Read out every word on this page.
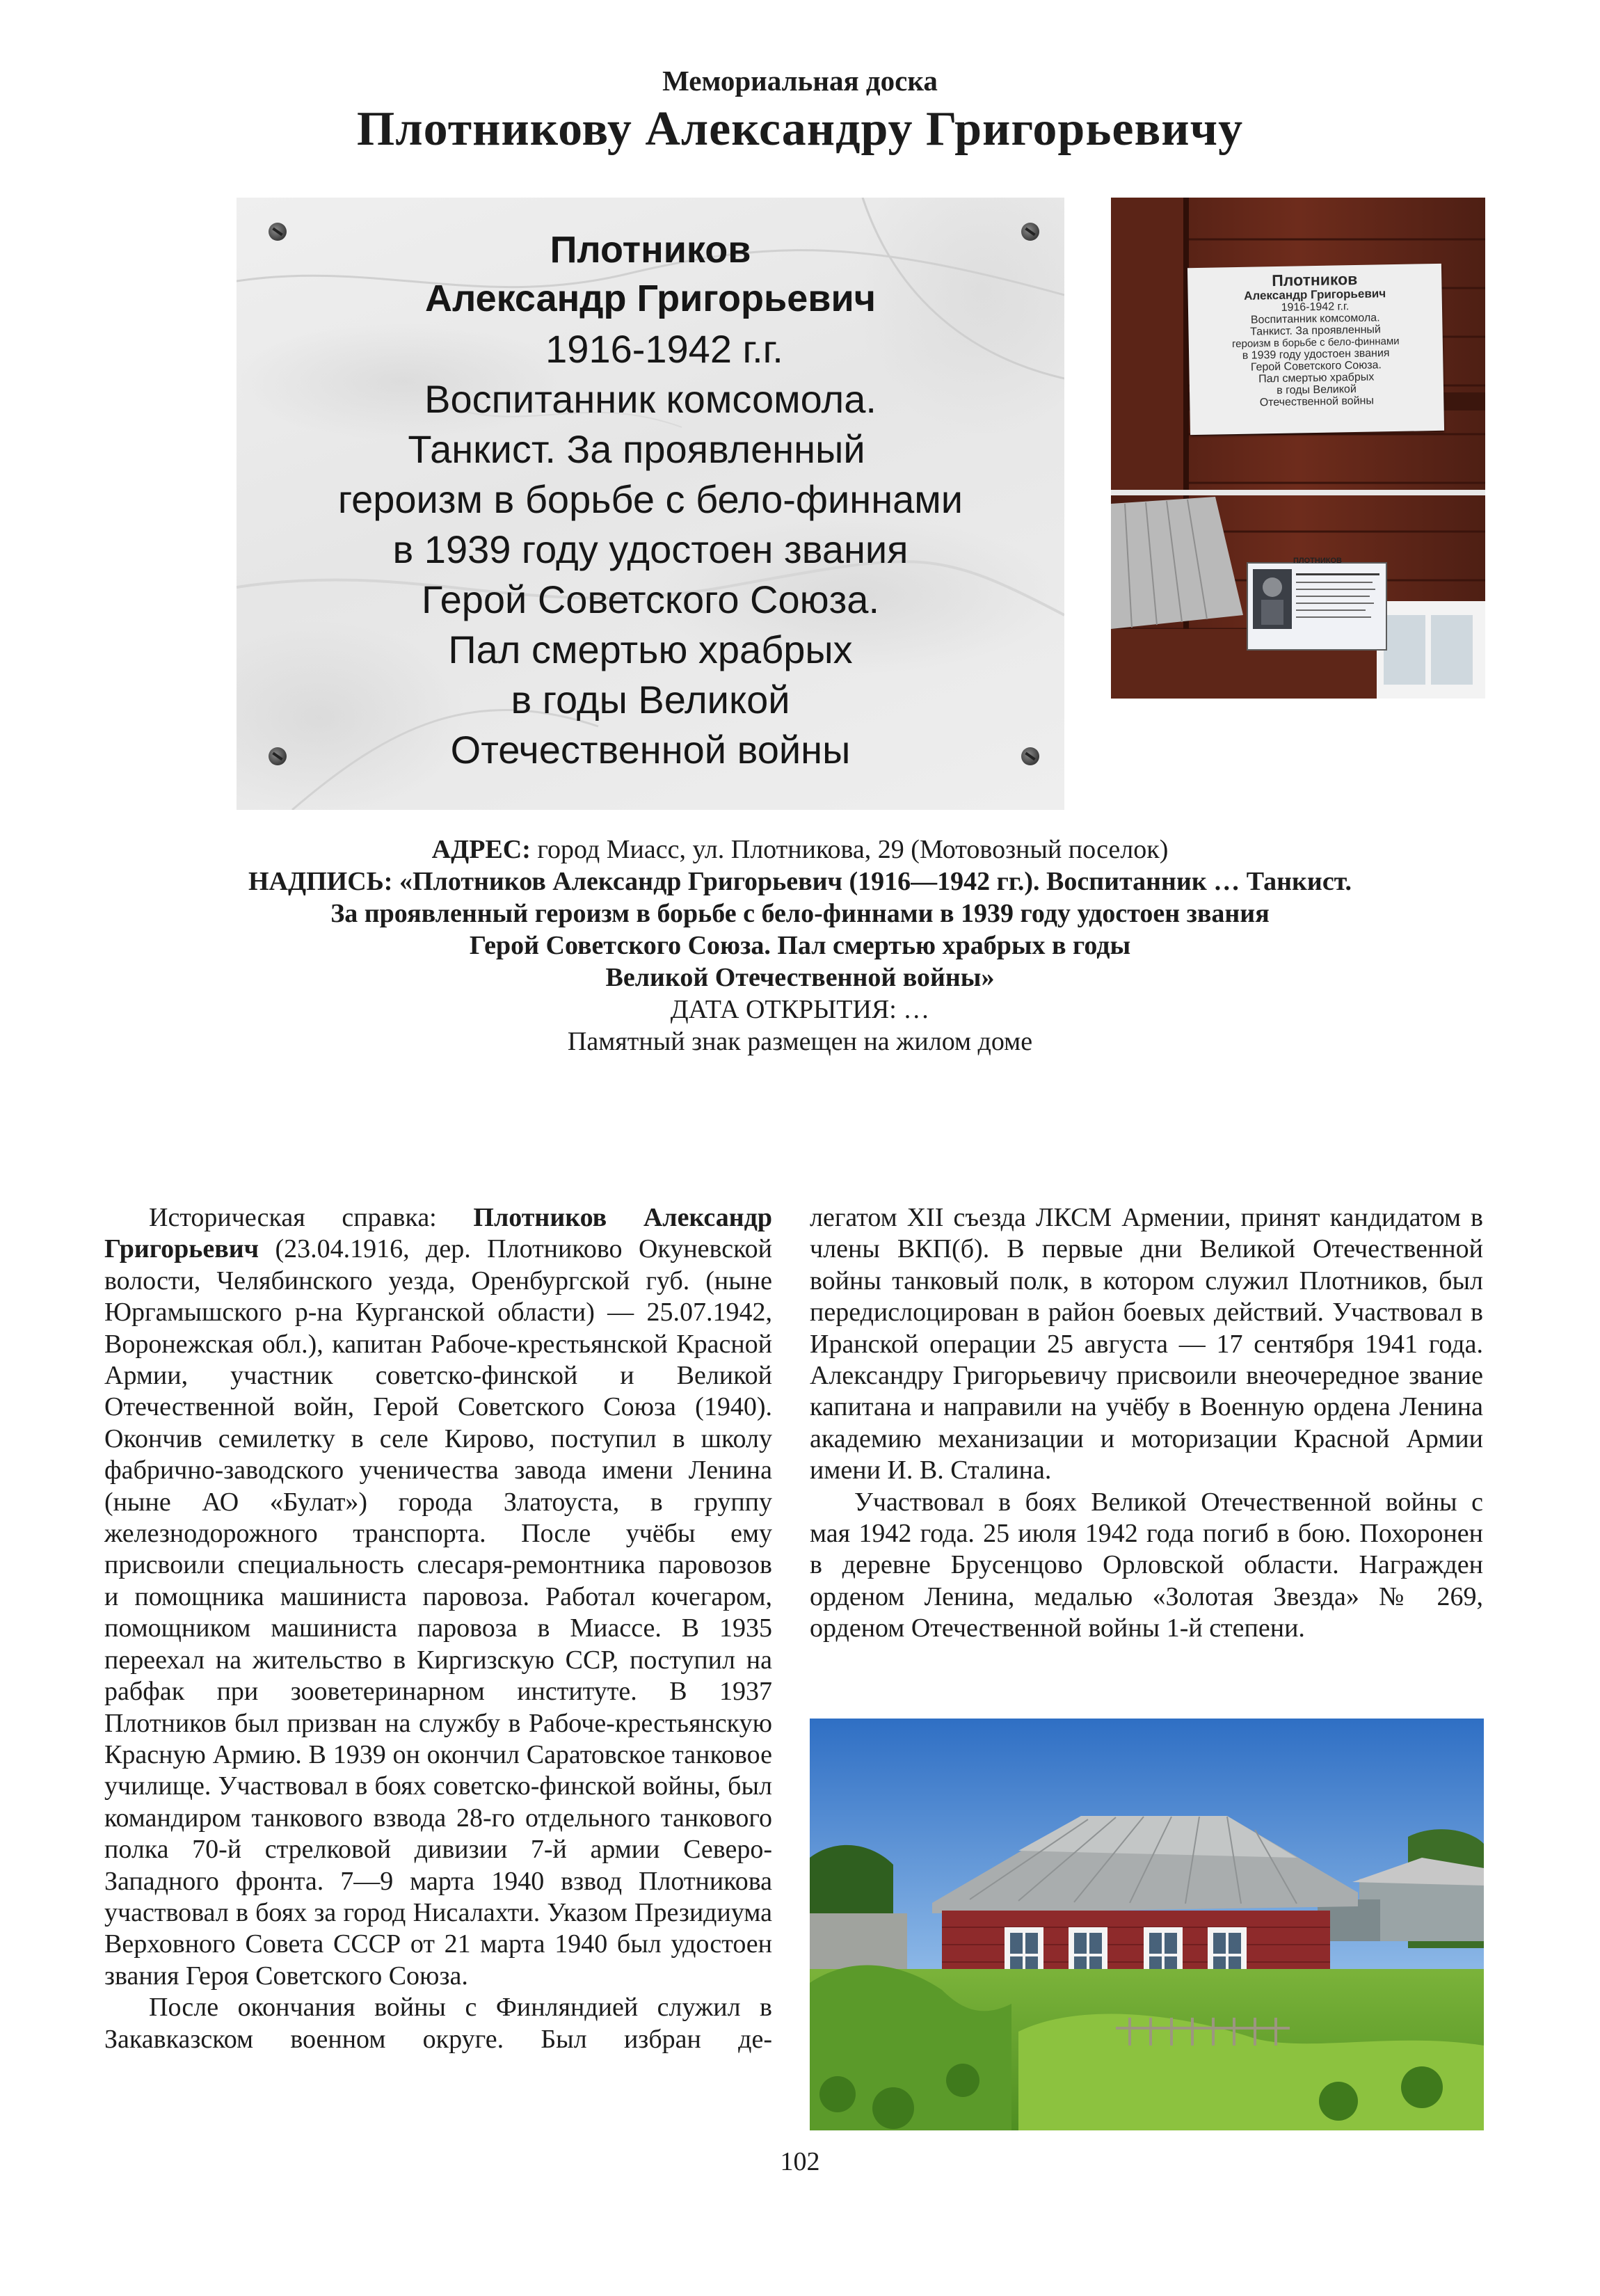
Мемориальная доска
Плотникову Александру Григорьевичу
Плотников
Александр Григорьевич
1916-1942 г.г.
Воспитанник комсомола.
Танкист. За проявленный
героизм в борьбе с бело-финнами
в 1939 году удостоен звания
Герой Советского Союза.
Пал смертью храбрых
в годы Великой
Отечественной войны
Плотников
Александр Григорьевич
1916-1942 г.г.
Воспитанник комсомола.
Танкист. За проявленный
героизм в борьбе с бело-финнами
в 1939 году удостоен звания
Герой Советского Союза.
Пал смертью храбрых
в годы Великой
Отечественной войны
ПЛОТНИКОВ
АДРЕС: город Миасс, ул. Плотникова, 29 (Мотовозный поселок)
НАДПИСЬ: «Плотников Александр Григорьевич (1916—1942 гг.). Воспитанник … Танкист.
За проявленный героизм в борьбе с бело-финнами в 1939 году удостоен звания
Герой Советского Союза. Пал смертью храбрых в годы
Великой Отечественной войны»
ДАТА ОТКРЫТИЯ: …
Памятный знак размещен на жилом доме

Историческая справка: Плотников Александр Григорьевич (23.04.1916, дер. Плотниково Окуневской волости, Челябинского уезда, Оренбургской губ. (ныне Юргамышского р-на Курганской области) — 25.07.1942, Воронежская обл.), капитан Рабоче-крестьянской Красной Армии, участник советско-финской и Великой Отечественной войн, Герой Советского Союза (1940). Окончив семилетку в селе Кирово, поступил в школу фабрично-заводского ученичества завода имени Ленина (ныне АО «Булат») города Златоуста, в группу железнодорожного транспорта. После учёбы ему присвоили специальность слесаря-ремонтника паровозов и помощника машиниста паровоза. Работал кочегаром, помощником машиниста паровоза в Миассе. В 1935 переехал на жительство в Киргизскую ССР, поступил на рабфак при зооветеринарном институте. В 1937 Плотников был призван на службу в Рабоче-крестьянскую Красную Армию. В 1939 он окончил Саратовское танковое училище. Участвовал в боях советско-финской войны, был командиром танкового взвода 28-го отдельного танкового полка 70-й стрелковой дивизии 7-й армии Северо-Западного фронта. 7—9 марта 1940 взвод Плотникова участвовал в боях за город Нисалахти. Указом Президиума Верховного Совета СССР от 21 марта 1940 был удостоен звания Героя Советского Союза.

После окончания войны с Финляндией служил в Закавказском военном округе. Был избран де-

легатом XII съезда ЛКСМ Армении, принят кандидатом в члены ВКП(б). В первые дни Великой Отечественной войны танковый полк, в котором служил Плотников, был передислоцирован в район боевых действий. Участвовал в Иранской операции 25 августа — 17 сентября 1941 года. Александру Григорьевичу присвоили внеочередное звание капитана и направили на учёбу в Военную ордена Ленина академию механизации и моторизации Красной Армии имени И. В. Сталина.

Участвовал в боях Великой Отечественной войны с мая 1942 года. 25 июля 1942 года погиб в бою. Похоронен в деревне Брусенцово Орловской области. Награжден орденом Ленина, медалью «Золотая Звезда» № 269, орденом Отечественной войны 1-й степени.

102
